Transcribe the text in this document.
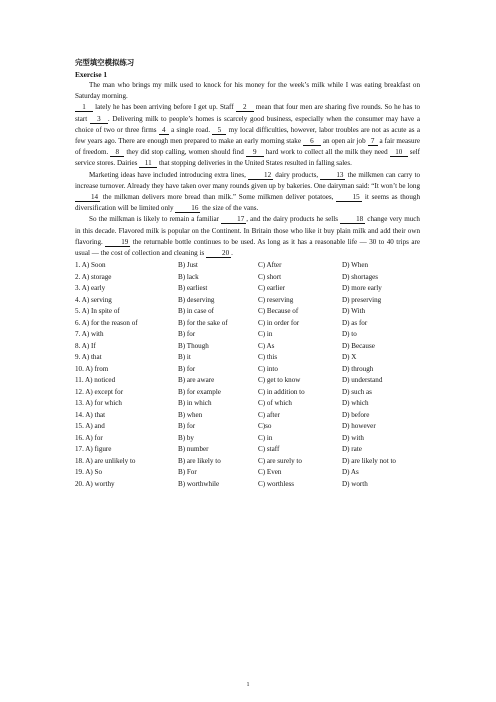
完型填空模拟练习
Exercise 1

The man who brings my milk used to knock for his money for the week’s milk while I was eating breakfast on Saturday morning.

1 lately he has been arriving before I get up. Staff 2 mean that four men are sharing five rounds. So he has to start 3 . Delivering milk to people’s homes is scarcely good business, especially when the consumer may have a choice of two or three firms 4 a single road. 5 my local difficulties, however, labor troubles are not as acute as a few years ago. There are enough men prepared to make an early morning stake 6 an open air job 7 a fair measure of freedom. 8 they did stop calling, women should find 9 hard work to collect all the milk they need 10 self service stores. Dairies 11 that stopping deliveries in the United States resulted in falling sales.

Marketing ideas have included introducing extra lines, 12 dairy products, 13 the milkmen can carry to increase turnover. Already they have taken over many rounds given up by bakeries. One dairyman said: “It won’t be long 14 the milkman delivers more bread than milk.” Some milkmen deliver potatoes, 15 it seems as though diversification will be limited only 16 the size of the vans.

So the milkman is likely to remain a familiar 17 , and the dairy products he sells 18 change very much in this decade. Flavored milk is popular on the Continent. In Britain those who like it buy plain milk and add their own flavoring. 19 the returnable bottle continues to be used. As long as it has a reasonable life — 30 to 40 trips are usual — the cost of collection and cleaning is 20 .

1. A) Soon	B) Just	C) After	D) When
2. A) storage	B) lack	C) short	D) shortages
3. A) early	B) earliest	C) earlier	D) more early
4. A) serving	B) deserving	C) reserving	D) preserving
5. A) In spite of	B) in case of	C) Because of	D) With
6. A) for the reason of	B) for the sake of	C) in order for	D) as for
7. A) with	B) for	C) in	D) to
8. A) If	B) Though	C) As	D) Because
9. A) that	B) it	C) this	D) X
10. A) from	B) for	C) into	D) through
11. A) noticed	B) are aware	C) get to know	D) understand
12. A) except for	B) for example	C) in addition to	D) such as
13. A) for which	B) in which	C) of which	D) which
14. A) that	B) when	C) after	D) before
15. A) and	B) for	C)so	D) however
16. A) for	B) by	C) in	D) with
17. A) figure	B) number	C) staff	D) rate
18. A) are unlikely to	B) are likely to	C) are surely to	D) are likely not to
19. A) So	B) For	C) Even	D) As
20. A) worthy	B) worthwhile	C) worthless	D) worth
1
